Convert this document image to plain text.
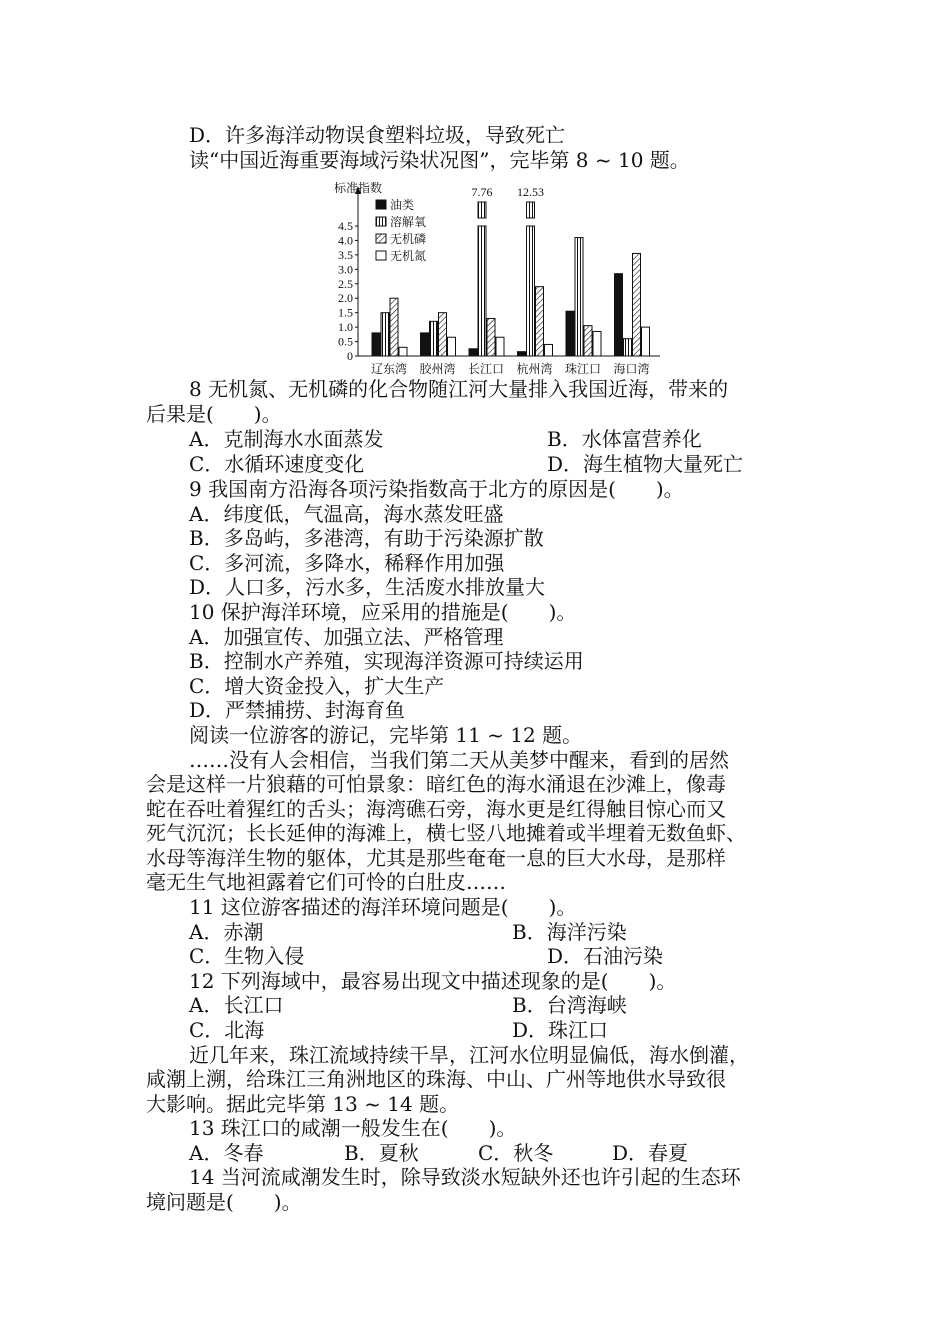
D．许多海洋动物误食塑料垃圾，导致死亡
读“中国近海重要海域污染状况图”，完毕第 8 ~ 10 题。
标准指数
0
0.5
1.0
1.5
2.0
2.5
3.0
3.5
4.0
4.5
油类
溶解氧
无机磷
无机氮
辽东湾 胶州湾
7.76
长江口
12.53
杭州湾 珠江口 海口湾
8 无机氮、无机磷的化合物随江河大量排入我国近海，带来的
后果是(　　)。
A．克制海水水面蒸发	B．水体富营养化
C．水循环速度变化	D．海生植物大量死亡
9 我国南方沿海各项污染指数高于北方的原因是(　　)。
A．纬度低，气温高，海水蒸发旺盛
B．多岛屿，多港湾，有助于污染源扩散
C．多河流，多降水，稀释作用加强
D．人口多，污水多，生活废水排放量大
10 保护海洋环境，应采用的措施是(　　)。
A．加强宣传、加强立法、严格管理
B．控制水产养殖，实现海洋资源可持续运用
C．增大资金投入，扩大生产
D．严禁捕捞、封海育鱼
阅读一位游客的游记，完毕第 11 ~ 12 题。
……没有人会相信，当我们第二天从美梦中醒来，看到的居然
会是这样一片狼藉的可怕景象：暗红色的海水涌退在沙滩上，像毒
蛇在吞吐着猩红的舌头；海湾礁石旁，海水更是红得触目惊心而又
死气沉沉；长长延伸的海滩上，横七竖八地摊着或半埋着无数鱼虾、
水母等海洋生物的躯体，尤其是那些奄奄一息的巨大水母，是那样
毫无生气地袒露着它们可怜的白肚皮……
11 这位游客描述的海洋环境问题是(　　)。
A．赤潮	B．海洋污染
C．生物入侵	D．石油污染
12 下列海域中，最容易出现文中描述现象的是(　　)。
A．长江口	B．台湾海峡
C．北海	D．珠江口
近几年来，珠江流域持续干旱，江河水位明显偏低，海水倒灌，
咸潮上溯，给珠江三角洲地区的珠海、中山、广州等地供水导致很
大影响。据此完毕第 13 ~ 14 题。
13 珠江口的咸潮一般发生在(　　)。
A．冬春	B．夏秋	C．秋冬	D．春夏
14 当河流咸潮发生时，除导致淡水短缺外还也许引起的生态环
境问题是(　　)。
